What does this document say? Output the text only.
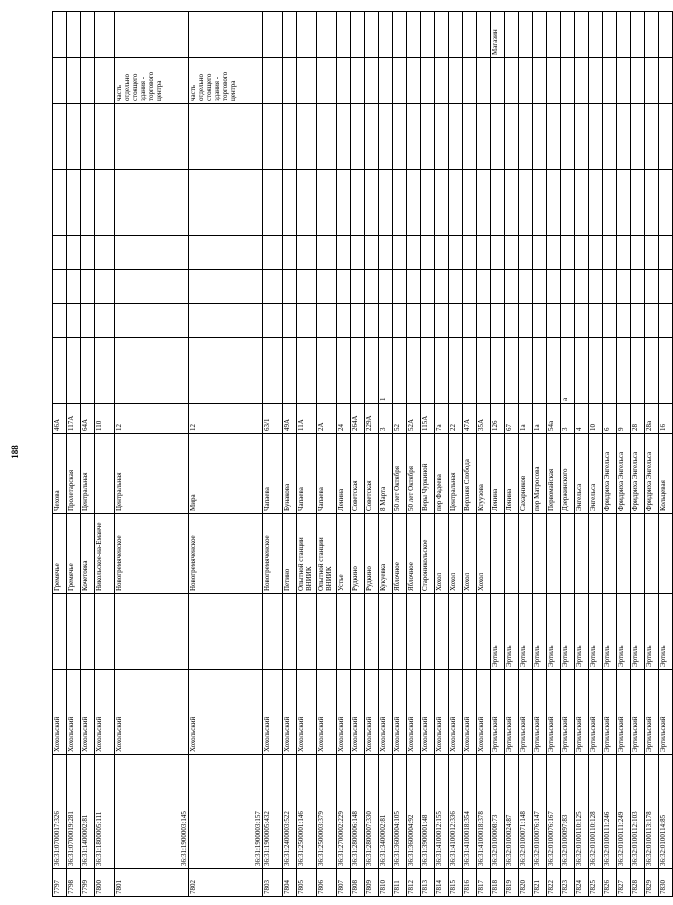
188
7797	36:31:0700017:326	Хохольский		Гремячье	Чехова	46А								
7798	36:31:0700019:281	Хохольский		Гремячье	Пролетарская	117А								
7799	36:31:1400002:81	Хохольский		Кочетовка	Центральная	64А								
7800	36:31:1800005:111	Хохольский		Никольское-на-Еманче		110								
7801	36:31:1900003:145	Хохольский		Новогремяченское	Центральная	12							часть отдельно стоящего здания - торгового центра	
7802	36:31:1900003:157	Хохольский		Новогремяченское	Мира	12							часть отдельно стоящего здания - торгового центра	
7803	36:31:1900005:432	Хохольский		Новогремяченское	Чапаева	63/1								
7804	36:31:2400003:522	Хохольский		Петино	Бунакова	49А								
7805	36:31:2500001:146	Хохольский		Опытной станции ВНИИК	Чапаева	11А								
7806	36:31:2500003:379	Хохольский		Опытной станции ВНИИК	Чапаева	2А								
7807	36:31:2700002:229	Хохольский		Устье	Ленина	24								
7808	36:31:2800006:148	Хохольский		Рудкино	Советская	264А								
7809	36:31:2800007:330	Хохольский		Рудкино	Советская	229А								
7810	36:31:3400002:81	Хохольский		Кукуевка	8 Марта	3	1							
7811	36:31:3600004:105	Хохольский		Яблочное	50 лет Октября	52								
7812	36:31:3600004:92	Хохольский		Яблочное	50 лет Октября	52А								
7813	36:31:3900001:48	Хохольский		Староникольское	Веры Чуркиной	115А								
7814	36:31:4100012:155	Хохольский		Хохол	пер Фадеева	7а								
7815	36:31:4100012:336	Хохольский		Хохол	Центральная	22								
7816	36:31:4100018:354	Хохольский		Хохол	Верхняя Слобода	47А								
7817	36:31:4100018:378	Хохольский		Хохол	Ктуузова	35А								
7818	36:32:0100008:73	Эртильский	Эртиль		Ленина	126								Магазин
7819	36:32:0100024:87	Эртильский	Эртиль		Ленина	67								
7820	36:32:0100071:148	Эртильский	Эртиль		Сахарников	1а								
7821	36:32:0100076:147	Эртильский	Эртиль		пер Матросова	1а								
7822	36:32:0100076:167	Эртильский	Эртиль		Первомайская	54а								
7823	36:32:0100097:83	Эртильский	Эртиль		Дзержинского	3	а							
7824	36:32:0100110:125	Эртильский	Эртиль		Энгельса	4								
7825	36:32:0100110:128	Эртильский	Эртиль		Энгельса	10								
7826	36:32:0100111:246	Эртильский	Эртиль		Фридриха Энгельса	6								
7827	36:32:0100111:249	Эртильский	Эртиль		Фридриха Энгельса	9								
7828	36:32:0100112:103	Эртильский	Эртиль		Фридриха Энгельса	28								
7829	36:32:0100113:178	Эртильский	Эртиль		Фридриха Энгельса	28а								
7830	36:32:0100114:85	Эртильский	Эртиль		Кольцевая	16								
